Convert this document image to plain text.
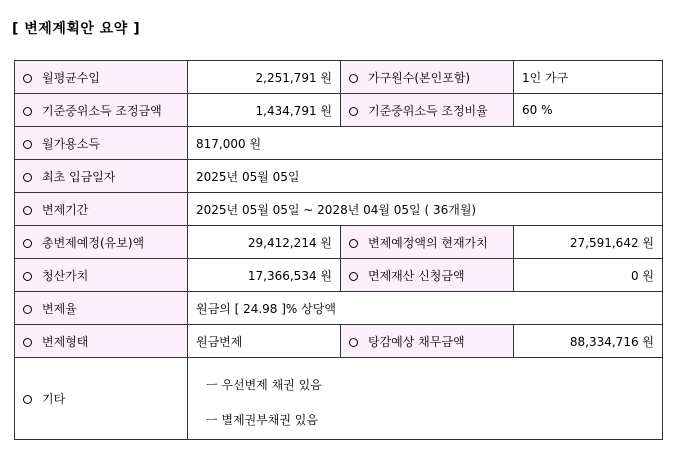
[ 변제계획안 요약 ]
월평균수입	2,251,791 원	가구원수(본인포함)	1인 가구
기준중위소득 조정금액	1,434,791 원	기준중위소득 조정비율	60 %
월가용소득	817,000 원		
최초 입금일자	2025년 05월 05일		
변제기간	2025년 05월 05일 ~ 2028년 04월 05일 ( 36개월)		
총변제예정(유보)액	29,412,214 원	변제예정액의 현재가치	27,591,642 원
청산가치	17,366,534 원	면제재산 신청금액	0 원
변제율	원금의 [ 24.98 ]% 상당액		
변제형태	원금변제	탕감예상 채무금액	88,334,716 원
기타	ㅡ 우선변제 채권 있음
ㅡ 별제권부채권 있음		
